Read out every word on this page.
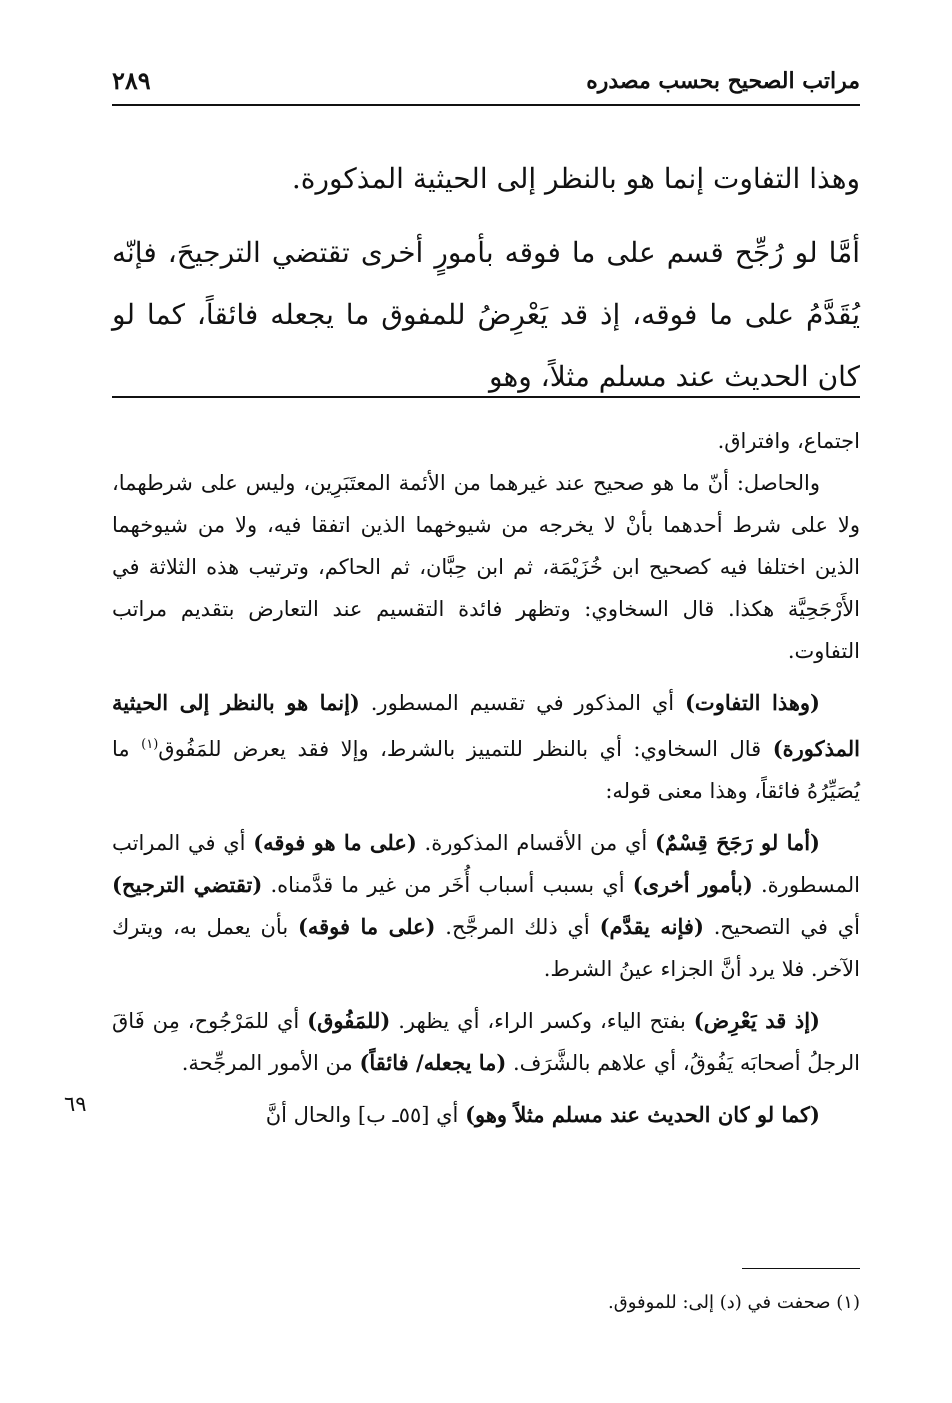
مراتب الصحيح بحسب مصدره
٢٨٩

وهذا التفاوت إنما هو بالنظر إلى الحيثية المذكورة.

أمَّا لو رُجِّح قسم على ما فوقه بأمورٍ أخرى تقتضي الترجيحَ، فإنّه يُقَدَّمُ على ما فوقه، إذ قد يَعْرِضُ للمفوق ما يجعله فائقاً، كما لو كان الحديث عند مسلم مثلاً، وهو

اجتماع، وافتراق.

والحاصل: أنّ ما هو صحيح عند غيرهما من الأئمة المعتَبَرِين، وليس على شرطهما، ولا على شرط أحدهما بأنْ لا يخرجه من شيوخهما الذين اتفقا فيه، ولا من شيوخهما الذين اختلفا فيه كصحيح ابن خُزَيْمَة، ثم ابن حِبَّان، ثم الحاكم، وترتيب هذه الثلاثة في الأَرْجَحِيَّة هكذا. قال السخاوي: وتظهر فائدة التقسيم عند التعارض بتقديم مراتب التفاوت.

(وهذا التفاوت) أي المذكور في تقسيم المسطور. (إنما هو بالنظر إلى الحيثية المذكورة) قال السخاوي: أي بالنظر للتمييز بالشرط، وإلا فقد يعرض للمَفُوق$^{(١)}$ ما يُصَيِّرُهُ فائقاً، وهذا معنى قوله:

(أما لو رَجَحَ قِسْمٌ) أي من الأقسام المذكورة. (على ما هو فوقه) أي في المراتب المسطورة. (بأمور أخرى) أي بسبب أسباب أُخَر من غير ما قدَّمناه. (تقتضي الترجيح) أي في التصحيح. (فإنه يقدَّم) أي ذلك المرجَّح. (على ما فوقه) بأن يعمل به، ويترك الآخر. فلا يرد أنَّ الجزاء عينُ الشرط.

(إذ قد يَعْرِض) بفتح الياء، وكسر الراء، أي يظهر. (للمَفُوق) أي للمَرْجُوح، مِن فَاقَ الرجلُ أصحابَه يَفُوقُ، أي علاهم بالشَّرَف. (ما يجعله/ فائقاً) من الأمور المرجِّحة.

(كما لو كان الحديث عند مسلم مثلاً وهو) أي [٥٥ـ ب] والحال أنَّ

٦٩
(١) صحفت في (د) إلى: للموفوق.
